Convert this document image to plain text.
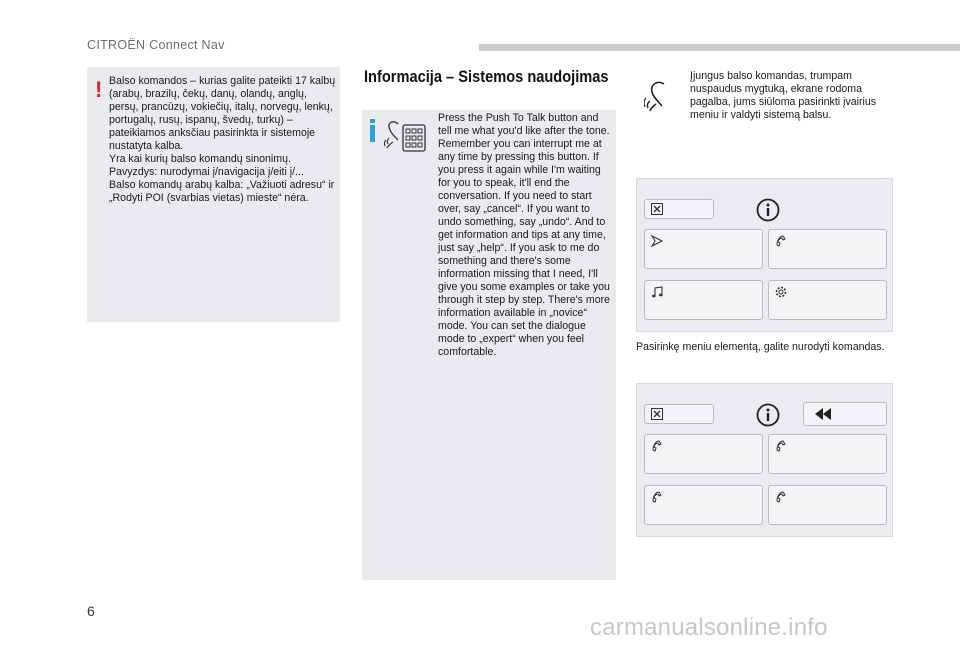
CITROËN Connect Nav
! Balso komandos – kurias galite pateikti 17 kalbų (arabų, brazilų, čekų, danų, olandų, anglų, persų, prancūzų, vokiečių, italų, norvegų, lenkų, portugalų, rusų, ispanų, švedų, turkų) – pateikiamos anksčiau pasirinkta ir sistemoje nustatyta kalba.
Yra kai kurių balso komandų sinonimų.
Pavyzdys: nurodymai į/navigacija į/eiti į/...
Balso komandų arabų kalba: „Važiuoti adresu“ ir „Rodyti POI (svarbias vietas) mieste“ nėra.
Informacija – Sistemos naudojimas
Press the Push To Talk button and tell me what you'd like after the tone. Remember you can interrupt me at any time by pressing this button. If you press it again while I'm waiting for you to speak, it'll end the conversation. If you need to start over, say „cancel“. If you want to undo something, say „undo“. And to get information and tips at any time, just say „help“. If you ask to me do something and there's some information missing that I need, I'll give you some examples or take you through it step by step. There's more information available in „novice“ mode. You can set the dialogue mode to „expert“ when you feel comfortable.
Įjungus balso komandas, trumpam nuspaudus mygtuką, ekrane rodoma pagalba, jums siūloma pasirinkti įvairius meniu ir valdyti sistemą balsu.
Pasirinkę meniu elementą, galite nurodyti komandas.
6
carmanualsonline.info
